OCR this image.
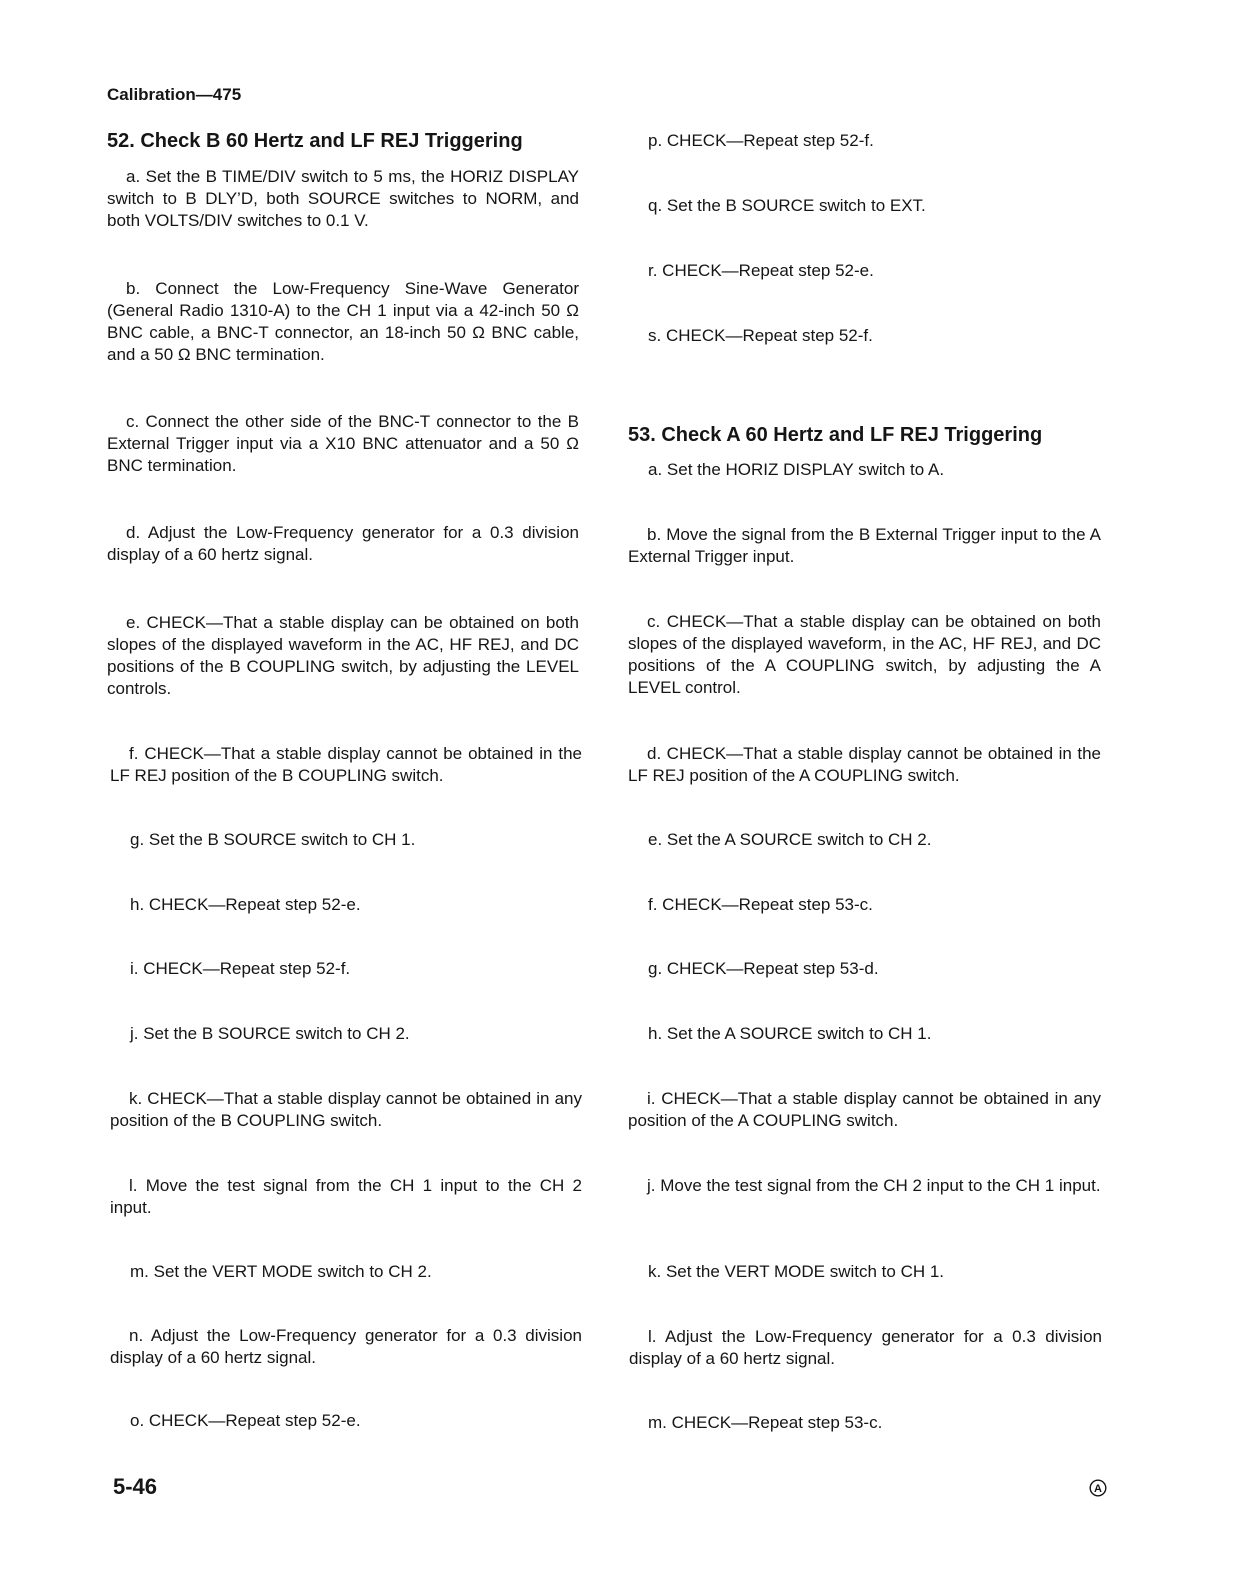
Calibration—475
52. Check B 60 Hertz and LF REJ Triggering
a. Set the B TIME/DIV switch to 5 ms, the HORIZ DISPLAY switch to B DLY’D, both SOURCE switches to NORM, and both VOLTS/DIV switches to 0.1 V.
b. Connect the Low-Frequency Sine-Wave Generator (General Radio 1310-A) to the CH 1 input via a 42-inch 50 Ω BNC cable, a BNC-T connector, an 18-inch 50 Ω BNC cable, and a 50 Ω BNC termination.
c. Connect the other side of the BNC-T connector to the B External Trigger input via a X10 BNC attenuator and a 50 Ω BNC termination.
d. Adjust the Low-Frequency generator for a 0.3 division display of a 60 hertz signal.
e. CHECK—That a stable display can be obtained on both slopes of the displayed waveform in the AC, HF REJ, and DC positions of the B COUPLING switch, by adjusting the LEVEL controls.
f. CHECK—That a stable display cannot be obtained in the LF REJ position of the B COUPLING switch.
g. Set the B SOURCE switch to CH 1.
h. CHECK—Repeat step 52-e.
i. CHECK—Repeat step 52-f.
j. Set the B SOURCE switch to CH 2.
k. CHECK—That a stable display cannot be obtained in any position of the B COUPLING switch.
l. Move the test signal from the CH 1 input to the CH 2 input.
m. Set the VERT MODE switch to CH 2.
n. Adjust the Low-Frequency generator for a 0.3 division display of a 60 hertz signal.
o. CHECK—Repeat step 52-e.
p. CHECK—Repeat step 52-f.
q. Set the B SOURCE switch to EXT.
r. CHECK—Repeat step 52-e.
s. CHECK—Repeat step 52-f.
53. Check A 60 Hertz and LF REJ Triggering
a. Set the HORIZ DISPLAY switch to A.
b. Move the signal from the B External Trigger input to the A External Trigger input.
c. CHECK—That a stable display can be obtained on both slopes of the displayed waveform, in the AC, HF REJ, and DC positions of the A COUPLING switch, by adjusting the A LEVEL control.
d. CHECK—That a stable display cannot be obtained in the LF REJ position of the A COUPLING switch.
e. Set the A SOURCE switch to CH 2.
f. CHECK—Repeat step 53-c.
g. CHECK—Repeat step 53-d.
h. Set the A SOURCE switch to CH 1.
i. CHECK—That a stable display cannot be obtained in any position of the A COUPLING switch.
j. Move the test signal from the CH 2 input to the CH 1 input.
k. Set the VERT MODE switch to CH 1.
l. Adjust the Low-Frequency generator for a 0.3 division display of a 60 hertz signal.
m. CHECK—Repeat step 53-c.
5-46	A
